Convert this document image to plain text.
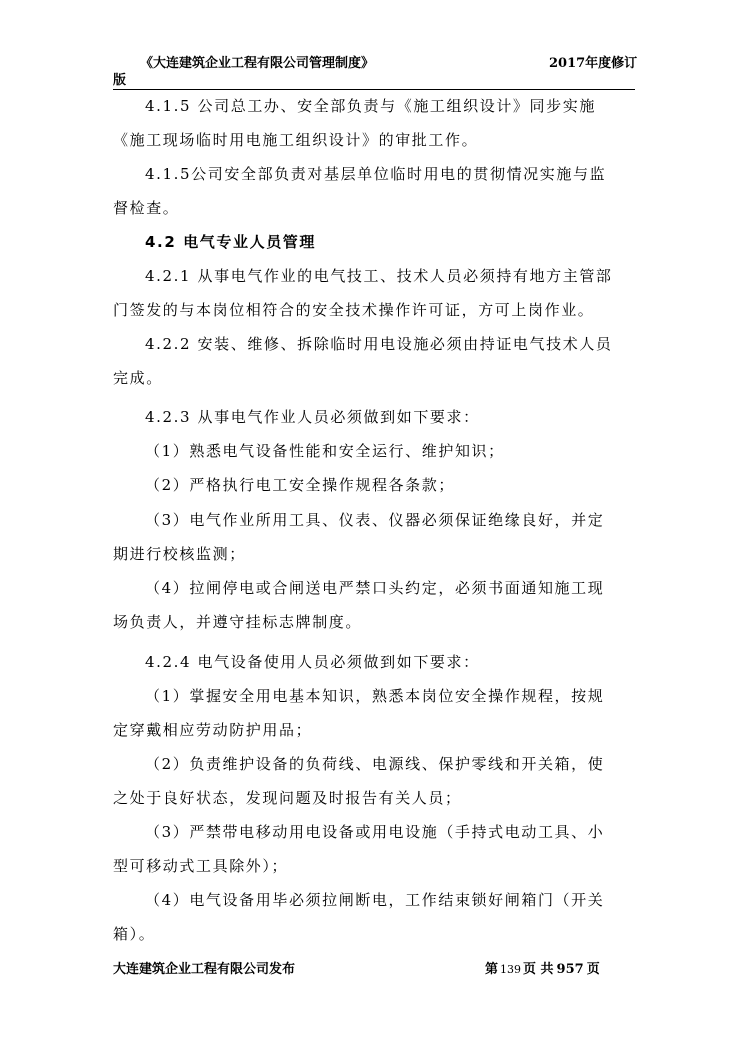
《大连建筑企业工程有限公司管理制度》	2017年度修订
版
4.1.5 公司总工办、安全部负责与《施工组织设计》同步实施
《施工现场临时用电施工组织设计》的审批工作。
4.1.5公司安全部负责对基层单位临时用电的贯彻情况实施与监
督检查。
4.2 电气专业人员管理
4.2.1 从事电气作业的电气技工、技术人员必须持有地方主管部
门签发的与本岗位相符合的安全技术操作许可证，方可上岗作业。
4.2.2 安装、维修、拆除临时用电设施必须由持证电气技术人员
完成。
4.2.3 从事电气作业人员必须做到如下要求：
（1）熟悉电气设备性能和安全运行、维护知识；
（2）严格执行电工安全操作规程各条款；
（3）电气作业所用工具、仪表、仪器必须保证绝缘良好，并定
期进行校核监测；
（4）拉闸停电或合闸送电严禁口头约定，必须书面通知施工现
场负责人，并遵守挂标志牌制度。
4.2.4 电气设备使用人员必须做到如下要求：
（1）掌握安全用电基本知识，熟悉本岗位安全操作规程，按规
定穿戴相应劳动防护用品；
（2）负责维护设备的负荷线、电源线、保护零线和开关箱，使
之处于良好状态，发现问题及时报告有关人员；
（3）严禁带电移动用电设备或用电设施（手持式电动工具、小
型可移动式工具除外）；
（4）电气设备用毕必须拉闸断电，工作结束锁好闸箱门（开关
箱）。
大连建筑企业工程有限公司发布	第 139 页 共 957 页
